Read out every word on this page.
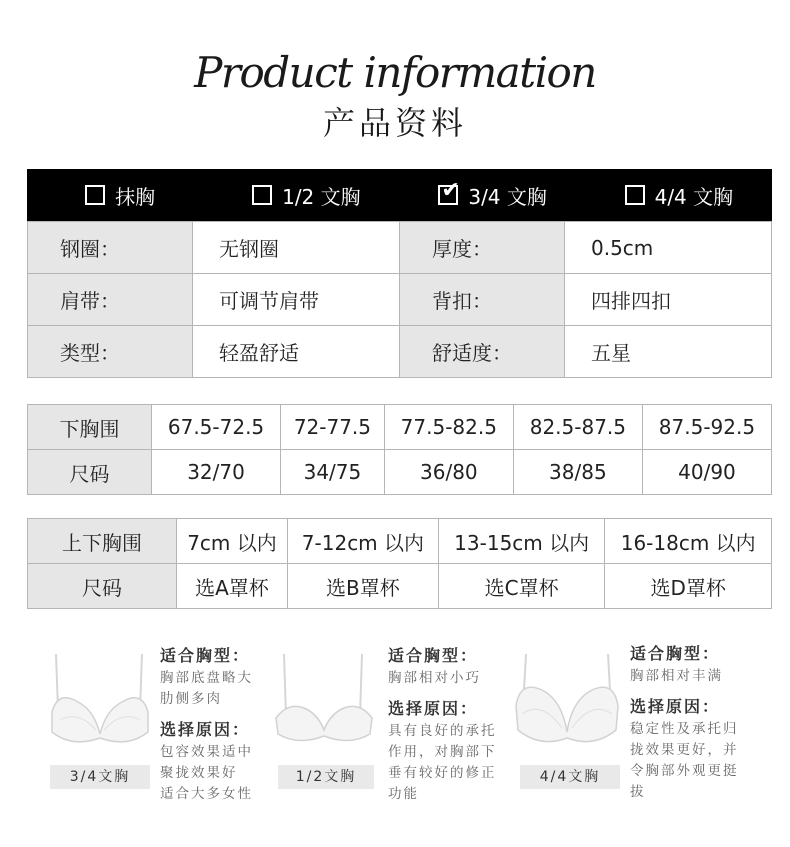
Product information
产品资料
抹胸	1/2 文胸	✔ 3/4 文胸	4/4 文胸
钢圈：	无钢圈	厚度：	0.5cm
肩带：	可调节肩带	背扣：	四排四扣
类型：	轻盈舒适	舒适度：	五星
下胸围	67.5-72.5	72-77.5	77.5-82.5	82.5-87.5	87.5-92.5
尺码	32/70	34/75	36/80	38/85	40/90
上下胸围	7cm 以内	7-12cm 以内	13-15cm 以内	16-18cm 以内
尺码	选A罩杯	选B罩杯	选C罩杯	选D罩杯
3/4文胸
适合胸型：
胸部底盘略大
肋侧多肉
选择原因：
包容效果适中
聚拢效果好
适合大多女性
1/2文胸
适合胸型：
胸部相对小巧
选择原因：
具有良好的承托
作用，对胸部下
垂有较好的修正
功能
4/4文胸
适合胸型：
胸部相对丰满
选择原因：
稳定性及承托归
拢效果更好，并
令胸部外观更挺
拔
